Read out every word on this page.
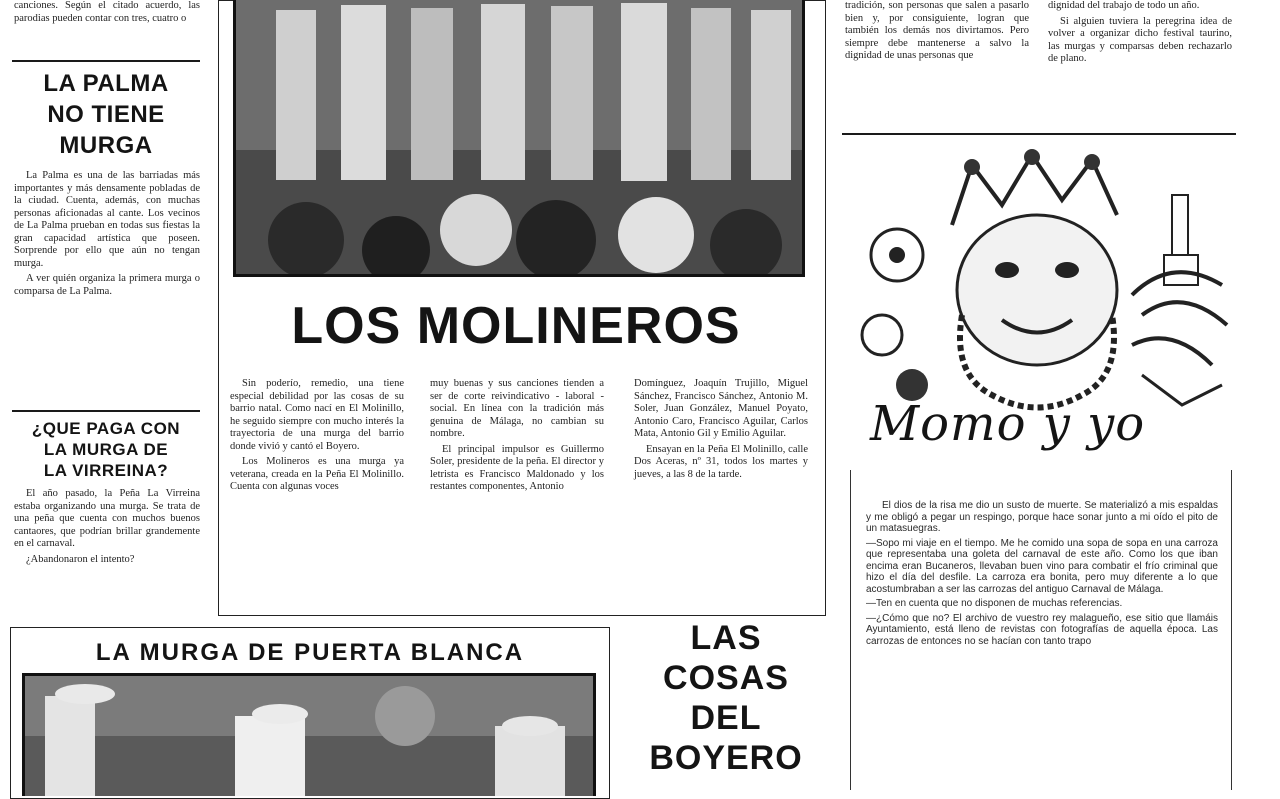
canciones. Según el citado acuerdo, las parodias pueden contar con tres, cuatro o

LA PALMA
NO TIENE
MURGA

La Palma es una de las barriadas más importantes y más densamente pobladas de la ciudad. Cuenta, además, con muchas personas aficionadas al cante. Los vecinos de La Palma prueban en todas sus fiestas la gran capacidad artística que poseen. Sorprende por ello que aún no tengan murga.

A ver quién organiza la primera murga o comparsa de La Palma.

¿QUE PAGA CON
LA MURGA DE
LA VIRREINA?

El año pasado, la Peña La Virreina estaba organizando una murga. Se trata de una peña que cuenta con muchos buenos cantaores, que podrían brillar grandemente en el carnaval.

¿Abandonaron el intento?

LOS MOLINEROS

Sin poderío, remedio, una tiene especial debilidad por las cosas de su barrio natal. Como nací en El Molinillo, he seguido siempre con mucho interés la trayectoria de una murga del barrio donde vivió y cantó el Boyero.

Los Molineros es una murga ya veterana, creada en la Peña El Molinillo. Cuenta con algunas voces

muy buenas y sus canciones tienden a ser de corte reivindicativo - laboral - social. En línea con la tradición más genuina de Málaga, no cambian su nombre.

El principal impulsor es Guillermo Soler, presidente de la peña. El director y letrista es Francisco Maldonado y los restantes componentes, Antonio

Domínguez, Joaquín Trujillo, Miguel Sánchez, Francisco Sánchez, Antonio M. Soler, Juan González, Manuel Poyato, Antonio Caro, Francisco Aguilar, Carlos Mata, Antonio Gil y Emilio Aguilar.

Ensayan en la Peña El Molinillo, calle Dos Aceras, nº 31, todos los martes y jueves, a las 8 de la tarde.

tradición, son personas que salen a pasarlo bien y, por consiguiente, logran que también los demás nos divirtamos. Pero siempre debe mantenerse a salvo la dignidad de unas personas que

dignidad del trabajo de todo un año.

Si alguien tuviera la peregrina idea de volver a organizar dicho festival taurino, las murgas y comparsas deben rechazarlo de plano.

Momo y yo

El dios de la risa me dio un susto de muerte. Se materializó a mis espaldas y me obligó a pegar un respingo, porque hace sonar junto a mi oído el pito de un matasuegras.

—Sopo mi viaje en el tiempo. Me he comido una sopa de sopa en una carroza que representaba una goleta del carnaval de este año. Como los que iban encima eran Bucaneros, llevaban buen vino para combatir el frío criminal que hizo el día del desfile. La carroza era bonita, pero muy diferente a lo que acostumbraban a ser las carrozas del antiguo Carnaval de Málaga.

—Ten en cuenta que no disponen de muchas referencias.

—¿Cómo que no? El archivo de vuestro rey malagueño, ese sitio que llamáis Ayuntamiento, está lleno de revistas con fotografías de aquella época. Las carrozas de entonces no se hacían con tanto trapo

LA MURGA DE PUERTA BLANCA	LAS
COSAS
DEL
BOYERO
